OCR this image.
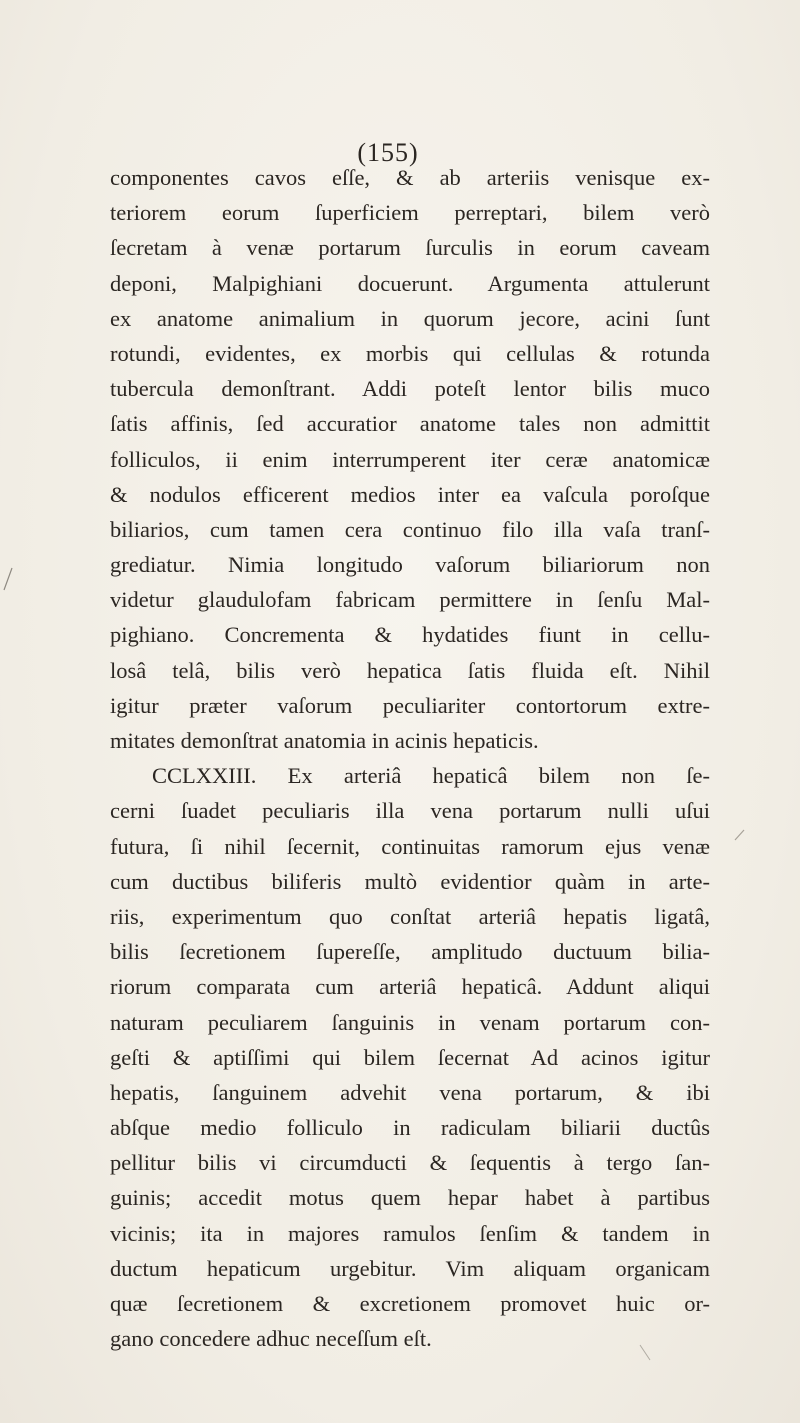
(155)
componentes cavos eſſe, & ab arteriis venisque ex-
teriorem eorum ſuperficiem perreptari, bilem verò
ſecretam à venæ portarum ſurculis in eorum caveam
deponi, Malpighiani docuerunt. Argumenta attulerunt
ex anatome animalium in quorum jecore, acini ſunt
rotundi, evidentes, ex morbis qui cellulas & rotunda
tubercula demonſtrant. Addi poteſt lentor bilis muco
ſatis affinis, ſed accuratior anatome tales non admittit
folliculos, ii enim interrumperent iter ceræ anatomicæ
& nodulos efficerent medios inter ea vaſcula poroſque
biliarios, cum tamen cera continuo filo illa vaſa tranſ-
grediatur. Nimia longitudo vaſorum biliariorum non
videtur glaudulofam fabricam permittere in ſenſu Mal-
pighiano. Concrementa & hydatides fiunt in cellu-
losâ telâ, bilis verò hepatica ſatis fluida eſt. Nihil
igitur præter vaſorum peculiariter contortorum extre-
mitates demonſtrat anatomia in acinis hepaticis.
CCLXXIII. Ex arteriâ hepaticâ bilem non ſe-
cerni ſuadet peculiaris illa vena portarum nulli uſui
futura, ſi nihil ſecernit, continuitas ramorum ejus venæ
cum ductibus biliferis multò evidentior quàm in arte-
riis, experimentum quo conſtat arteriâ hepatis ligatâ,
bilis ſecretionem ſupereſſe, amplitudo ductuum bilia-
riorum comparata cum arteriâ hepaticâ. Addunt aliqui
naturam peculiarem ſanguinis in venam portarum con-
geſti & aptiſſimi qui bilem ſecernat Ad acinos igitur
hepatis, ſanguinem advehit vena portarum, & ibi
abſque medio folliculo in radiculam biliarii ductûs
pellitur bilis vi circumducti & ſequentis à tergo ſan-
guinis; accedit motus quem hepar habet à partibus
vicinis; ita in majores ramulos ſenſim & tandem in
ductum hepaticum urgebitur. Vim aliquam organicam
quæ ſecretionem & excretionem promovet huic or-
gano concedere adhuc neceſſum eſt.
